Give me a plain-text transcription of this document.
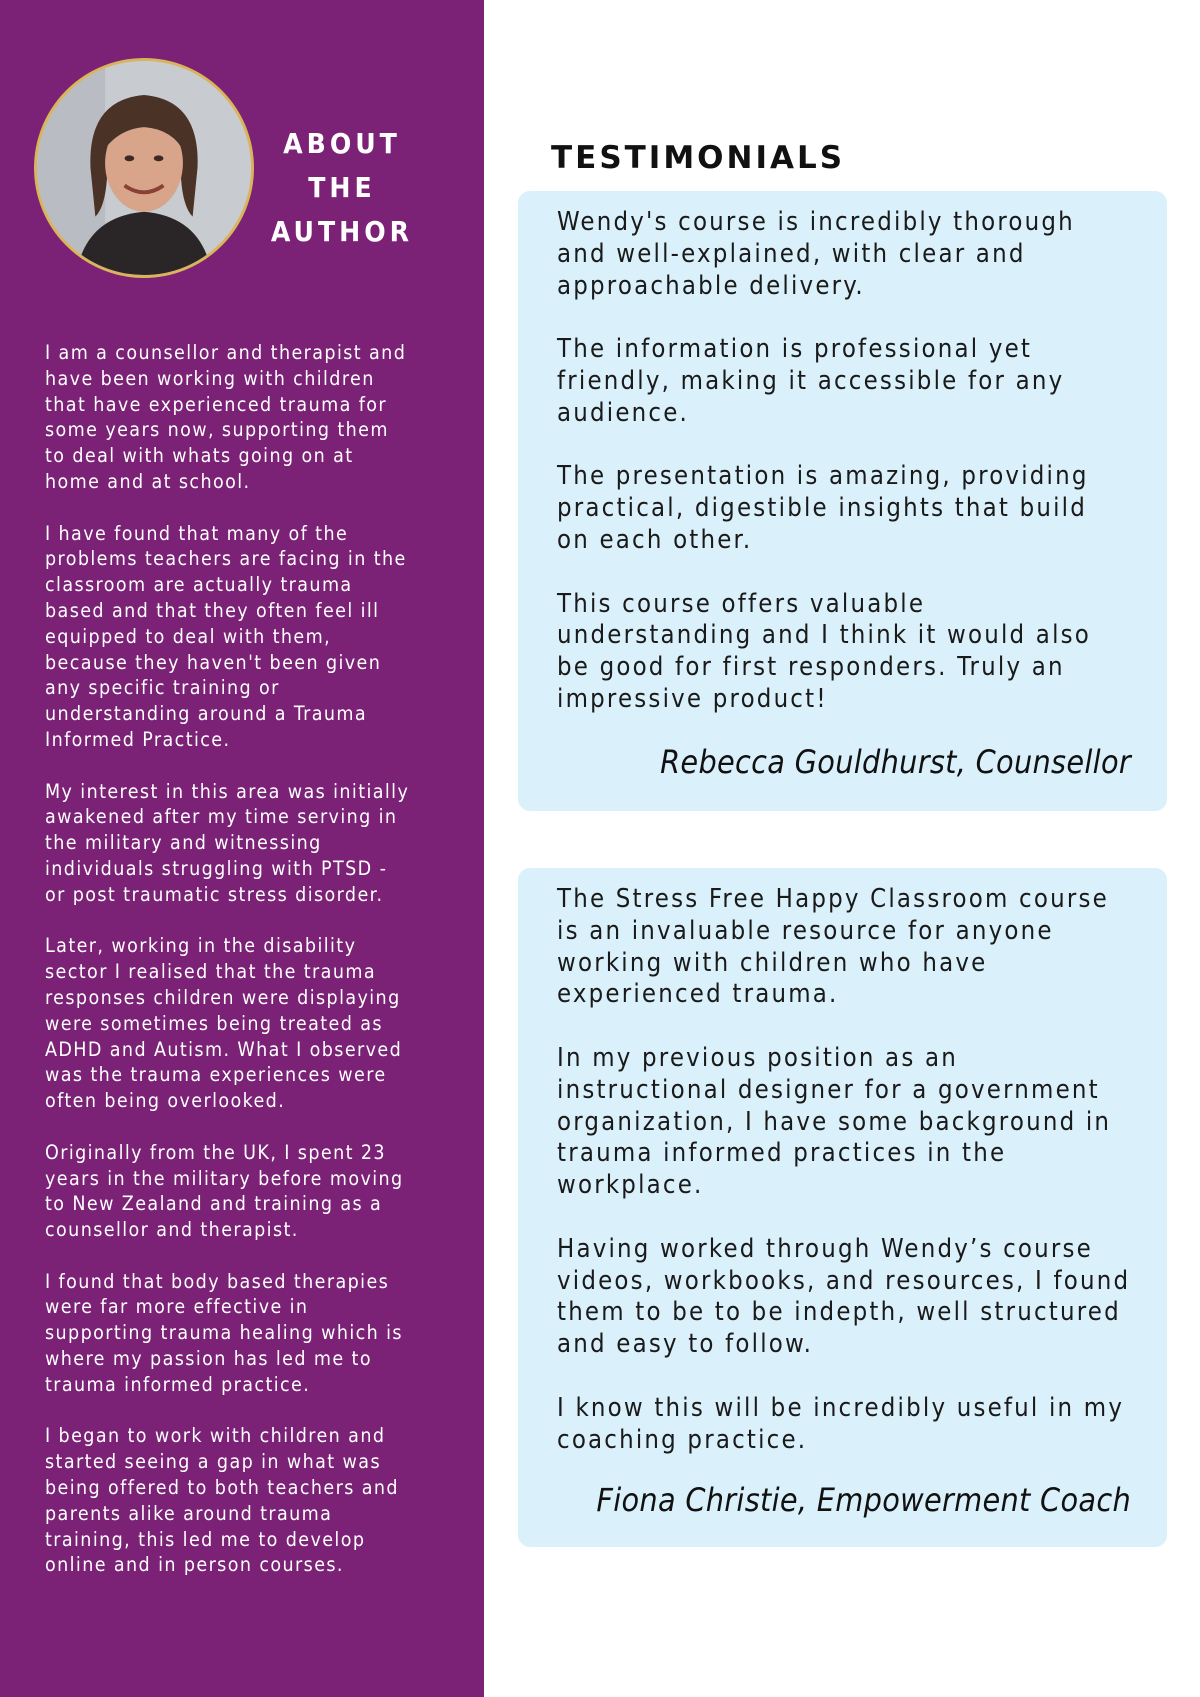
ABOUT
THE AUTHOR

I am a counsellor and therapist and
have been working with children
that have experienced trauma for
some years now, supporting them
to deal with whats going on at
home and at school.

I have found that many of the
problems teachers are facing in the
classroom are actually trauma
based and that they often feel ill
equipped to deal with them,
because they haven't been given
any specific training or
understanding around a Trauma
Informed Practice.

My interest in this area was initially
awakened after my time serving in
the military and witnessing
individuals struggling with PTSD -
or post traumatic stress disorder.

Later, working in the disability
sector I realised that the trauma
responses children were displaying
were sometimes being treated as
ADHD and Autism. What I observed
was the trauma experiences were
often being overlooked.

Originally from the UK, I spent 23
years in the military before moving
to New Zealand and training as a
counsellor and therapist.

I found that body based therapies
were far more effective in
supporting trauma healing which is
where my passion has led me to
trauma informed practice.

I began to work with children and
started seeing a gap in what was
being offered to both teachers and
parents alike around trauma
training, this led me to develop
online and in person courses.

TESTIMONIALS

Wendy's course is incredibly thorough
and well-explained, with clear and
approachable delivery.

The information is professional yet
friendly, making it accessible for any
audience.

The presentation is amazing, providing
practical, digestible insights that build
on each other.

This course offers valuable
understanding and I think it would also
be good for first responders. Truly an
impressive product!

Rebecca Gouldhurst, Counsellor

The Stress Free Happy Classroom course
is an invaluable resource for anyone
working with children who have
experienced trauma.

In my previous position as an
instructional designer for a government
organization, I have some background in
trauma informed practices in the
workplace.

Having worked through Wendy’s course
videos, workbooks, and resources, I found
them to be to be indepth, well structured
and easy to follow.

I know this will be incredibly useful in my
coaching practice.

Fiona Christie, Empowerment Coach
